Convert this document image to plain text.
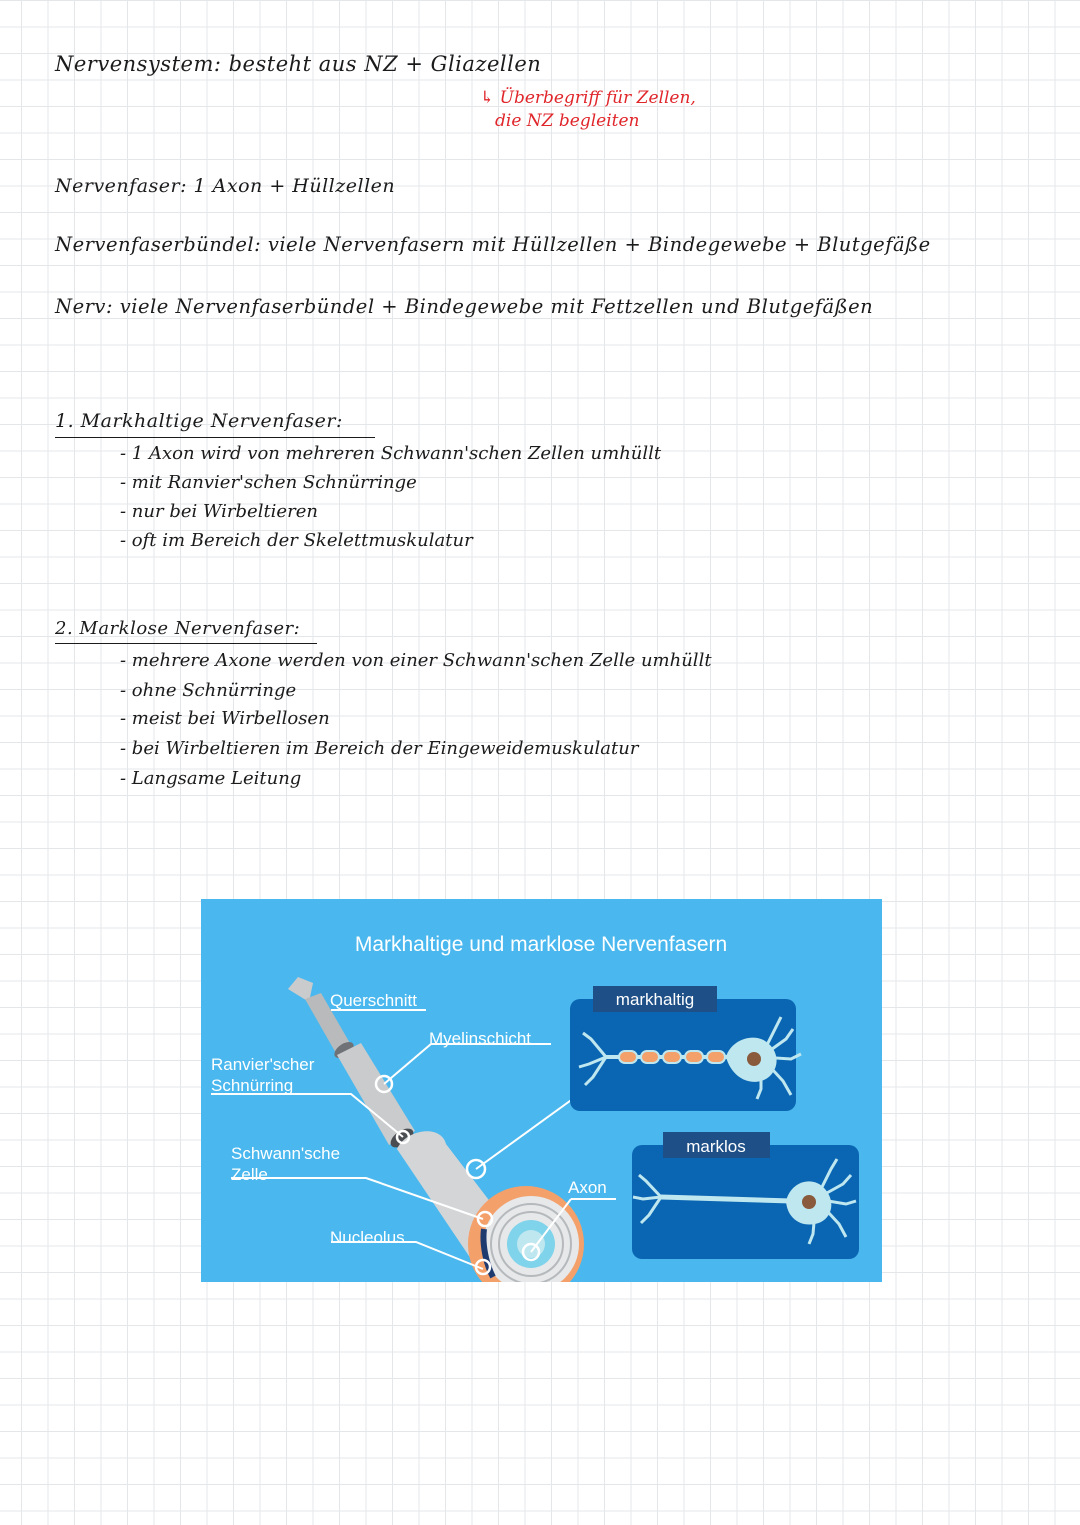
Nervensystem: besteht aus NZ + Gliazellen
↳ Überbegriff für Zellen,
die NZ begleiten
Nervenfaser: 1 Axon + Hüllzellen
Nervenfaserbündel: viele Nervenfasern mit Hüllzellen + Bindegewebe + Blutgefäße
Nerv: viele Nervenfaserbündel + Bindegewebe mit Fettzellen und Blutgefäßen
1. Markhaltige Nervenfaser:
- 1 Axon wird von mehreren Schwann'schen Zellen umhüllt
- mit Ranvier'schen Schnürringe
- nur bei Wirbeltieren
- oft im Bereich der Skelettmuskulatur
2. Marklose Nervenfaser:
- mehrere Axone werden von einer Schwann'schen Zelle umhüllt
- ohne Schnürringe
- meist bei Wirbellosen
- bei Wirbeltieren im Bereich der Eingeweidemuskulatur
- Langsame Leitung
Markhaltige und marklose Nervenfasern
Querschnitt
Myelinschicht
Ranvier'scher
Schnürring
Schwann'sche
Zelle
Nucleolus
Axon
markhaltig
marklos
